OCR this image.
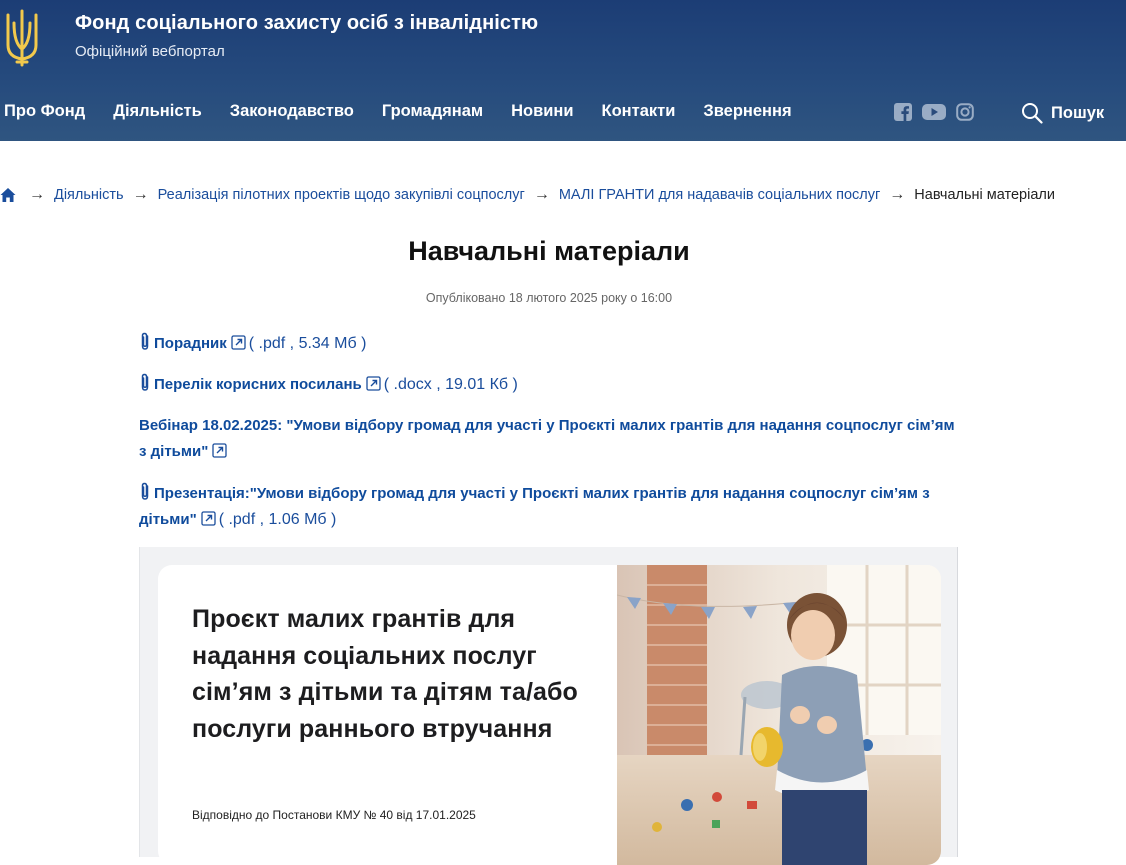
Фонд соціального захисту осіб з інвалідністю
Офіційний вебпортал
Про Фонд Діяльність Законодавство Громадянам Новини Контакти Звернення	Пошук
→ Діяльність → Реалізація пілотних проектів щодо закупівлі соцпослуг → МАЛІ ГРАНТИ для надавачів соціальних послуг → Навчальні матеріали
Навчальні матеріали
Опубліковано 18 лютого 2025 року о 16:00
Порадник ( .pdf , 5.34 Мб )
Перелік корисних посилань ( .docx , 19.01 Кб )
Вебінар 18.02.2025: "Умови відбору громад для участі у Проєкті малих грантів для надання соцпослуг сім’ям
з дітьми"
Презентація:"Умови відбору громад для участі у Проєкті малих грантів для надання соцпослуг сім’ям з
дітьми" ( .pdf , 1.06 Мб )
Проєкт малих грантів для
надання соціальних послуг
сім’ям з дітьми та дітям та/або
послуги раннього втручання
Відповідно до Постанови КМУ № 40 від 17.01.2025
